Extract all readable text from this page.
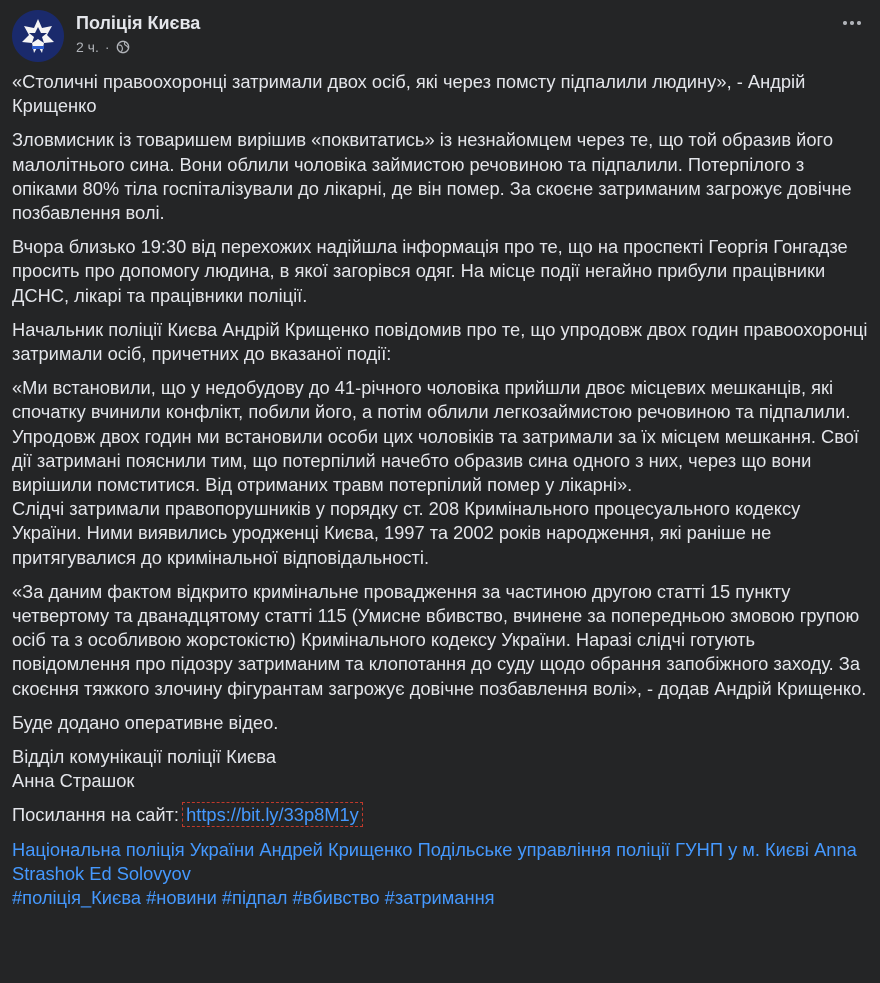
Поліція Києва
2 ч. ·

«Столичні правоохоронці затримали двох осіб, які через помсту підпалили людину», - Андрій Крищенко

Зловмисник із товаришем вирішив «поквитатись» із незнайомцем через те, що той образив його малолітнього сина. Вони облили чоловіка займистою речовиною та підпалили. Потерпілого з опіками 80% тіла госпіталізували до лікарні, де він помер. За скоєне затриманим загрожує довічне позбавлення волі.

Вчора близько 19:30 від перехожих надійшла інформація про те, що на проспекті Георгія Гонгадзе просить про допомогу людина, в якої загорівся одяг. На місце події негайно прибули працівники ДСНС, лікарі та працівники поліції.

Начальник поліції Києва Андрій Крищенко повідомив про те, що упродовж двох годин правоохоронці затримали осіб, причетних до вказаної події:

«Ми встановили, що у недобудову до 41-річного чоловіка прийшли двоє місцевих мешканців, які спочатку вчинили конфлікт, побили його, а потім облили легкозаймистою речовиною та підпалили. Упродовж двох годин ми встановили особи цих чоловіків та затримали за їх місцем мешкання. Свої дії затримані пояснили тим, що потерпілий начебто образив сина одного з них, через що вони вирішили помститися. Від отриманих травм потерпілий помер у лікарні».

Слідчі затримали правопорушників у порядку ст. 208 Кримінального процесуального кодексу України. Ними виявились уродженці Києва, 1997 та 2002 років народження, які раніше не притягувалися до кримінальної відповідальності.

«За даним фактом відкрито кримінальне провадження за частиною другою статті 15 пункту четвертому та дванадцятому статті 115 (Умисне вбивство, вчинене за попередньою змовою групою осіб та з особливою жорстокістю) Кримінального кодексу України. Наразі слідчі готують повідомлення про підозру затриманим та клопотання до суду щодо обрання запобіжного заходу. За скоєння тяжкого злочину фігурантам загрожує довічне позбавлення волі», - додав Андрій Крищенко.

Буде додано оперативне відео.

Відділ комунікації поліції Києва
Анна Страшок

Посилання на сайт: https://bit.ly/33p8M1y

Національна поліція України Андрей Крищенко Подільське управління поліції ГУНП у м. Києві Anna Strashok Ed Solovyov
#поліція_Києва #новини #підпал #вбивство #затримання
